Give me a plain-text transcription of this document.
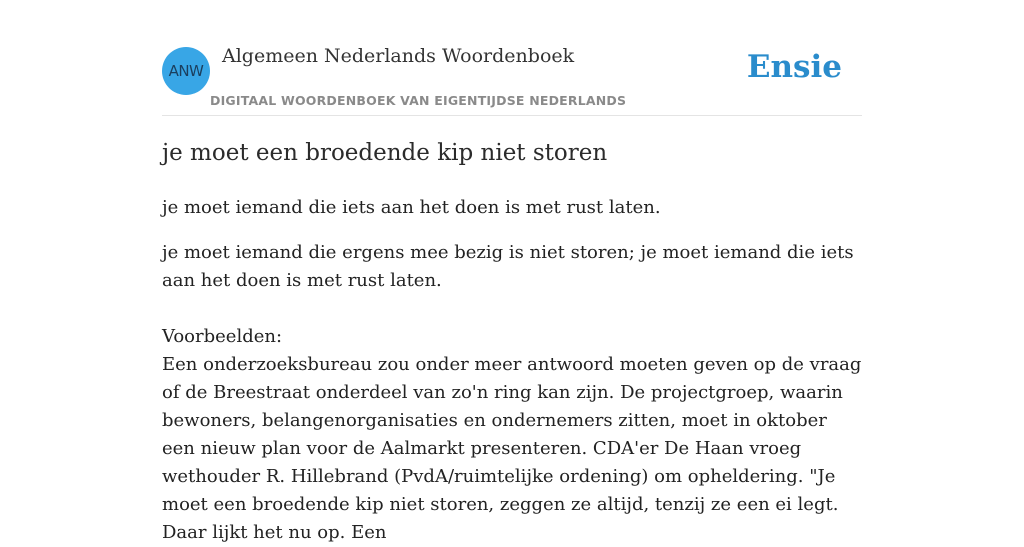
ANW
Algemeen Nederlands Woordenboek
DIGITAAL WOORDENBOEK VAN EIGENTIJDSE NEDERLANDS
Ensie
je moet een broedende kip niet storen
je moet iemand die iets aan het doen is met rust laten.

je moet iemand die ergens mee bezig is niet storen; je moet iemand die iets aan het doen is met rust laten.

Voorbeelden:

Een onderzoeksbureau zou onder meer antwoord moeten geven op de vraag of de Breestraat onderdeel van zo'n ring kan zijn. De projectgroep, waarin bewoners, belangenorganisaties en ondernemers zitten, moet in oktober een nieuw plan voor de Aalmarkt presenteren. CDA'er De Haan vroeg wethouder R. Hillebrand (PvdA/ruimtelijke ordening) om opheldering. "Je moet een broedende kip niet storen, zeggen ze altijd, tenzij ze een ei legt. Daar lijkt het nu op. Een
